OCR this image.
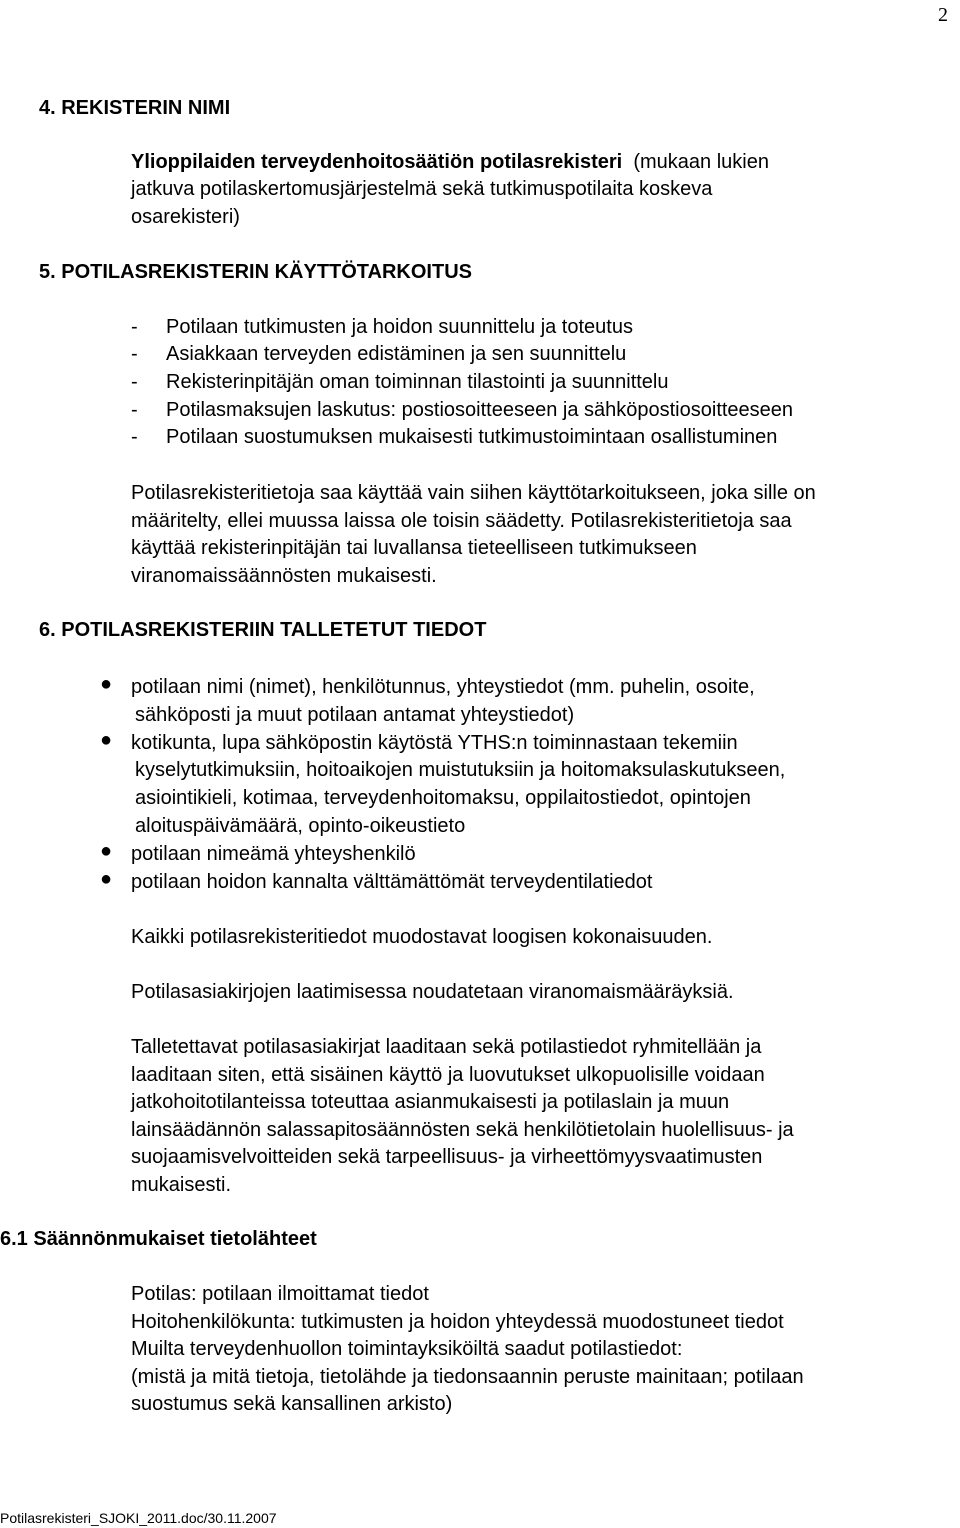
2
4. REKISTERIN NIMI
Ylioppilaiden terveydenhoitosäätiön potilasrekisteri (mukaan lukien
jatkuva potilaskertomusjärjestelmä sekä tutkimuspotilaita koskeva
osarekisteri)
5. POTILASREKISTERIN KÄYTTÖTARKOITUS
- Potilaan tutkimusten ja hoidon suunnittelu ja toteutus
- Asiakkaan terveyden edistäminen ja sen suunnittelu
- Rekisterinpitäjän oman toiminnan tilastointi ja suunnittelu
- Potilasmaksujen laskutus: postiosoitteeseen ja sähköpostiosoitteeseen
- Potilaan suostumuksen mukaisesti tutkimustoimintaan osallistuminen
Potilasrekisteritietoja saa käyttää vain siihen käyttötarkoitukseen, joka sille on
määritelty, ellei muussa laissa ole toisin säädetty. Potilasrekisteritietoja saa
käyttää rekisterinpitäjän tai luvallansa tieteelliseen tutkimukseen
viranomaissäännösten mukaisesti.
6. POTILASREKISTERIIN TALLETETUT TIEDOT
● potilaan nimi (nimet), henkilötunnus, yhteystiedot (mm. puhelin, osoite,
sähköposti ja muut potilaan antamat yhteystiedot)
● kotikunta, lupa sähköpostin käytöstä YTHS:n toiminnastaan tekemiin
kyselytutkimuksiin, hoitoaikojen muistutuksiin ja hoitomaksulaskutukseen,
asiointikieli, kotimaa, terveydenhoitomaksu, oppilaitostiedot, opintojen
aloituspäivämäärä, opinto-oikeustieto
● potilaan nimeämä yhteyshenkilö
● potilaan hoidon kannalta välttämättömät terveydentilatiedot
Kaikki potilasrekisteritiedot muodostavat loogisen kokonaisuuden.
Potilasasiakirjojen laatimisessa noudatetaan viranomaismääräyksiä.
Talletettavat potilasasiakirjat laaditaan sekä potilastiedot ryhmitellään ja
laaditaan siten, että sisäinen käyttö ja luovutukset ulkopuolisille voidaan
jatkohoitotilanteissa toteuttaa asianmukaisesti ja potilaslain ja muun
lainsäädännön salassapitosäännösten sekä henkilötietolain huolellisuus- ja
suojaamisvelvoitteiden sekä tarpeellisuus- ja virheettömyysvaatimusten
mukaisesti.
6.1 Säännönmukaiset tietolähteet
Potilas: potilaan ilmoittamat tiedot
Hoitohenkilökunta: tutkimusten ja hoidon yhteydessä muodostuneet tiedot
Muilta terveydenhuollon toimintayksiköiltä saadut potilastiedot:
(mistä ja mitä tietoja, tietolähde ja tiedonsaannin peruste mainitaan; potilaan
suostumus sekä kansallinen arkisto)
Potilasrekisteri_SJOKI_2011.doc/30.11.2007
